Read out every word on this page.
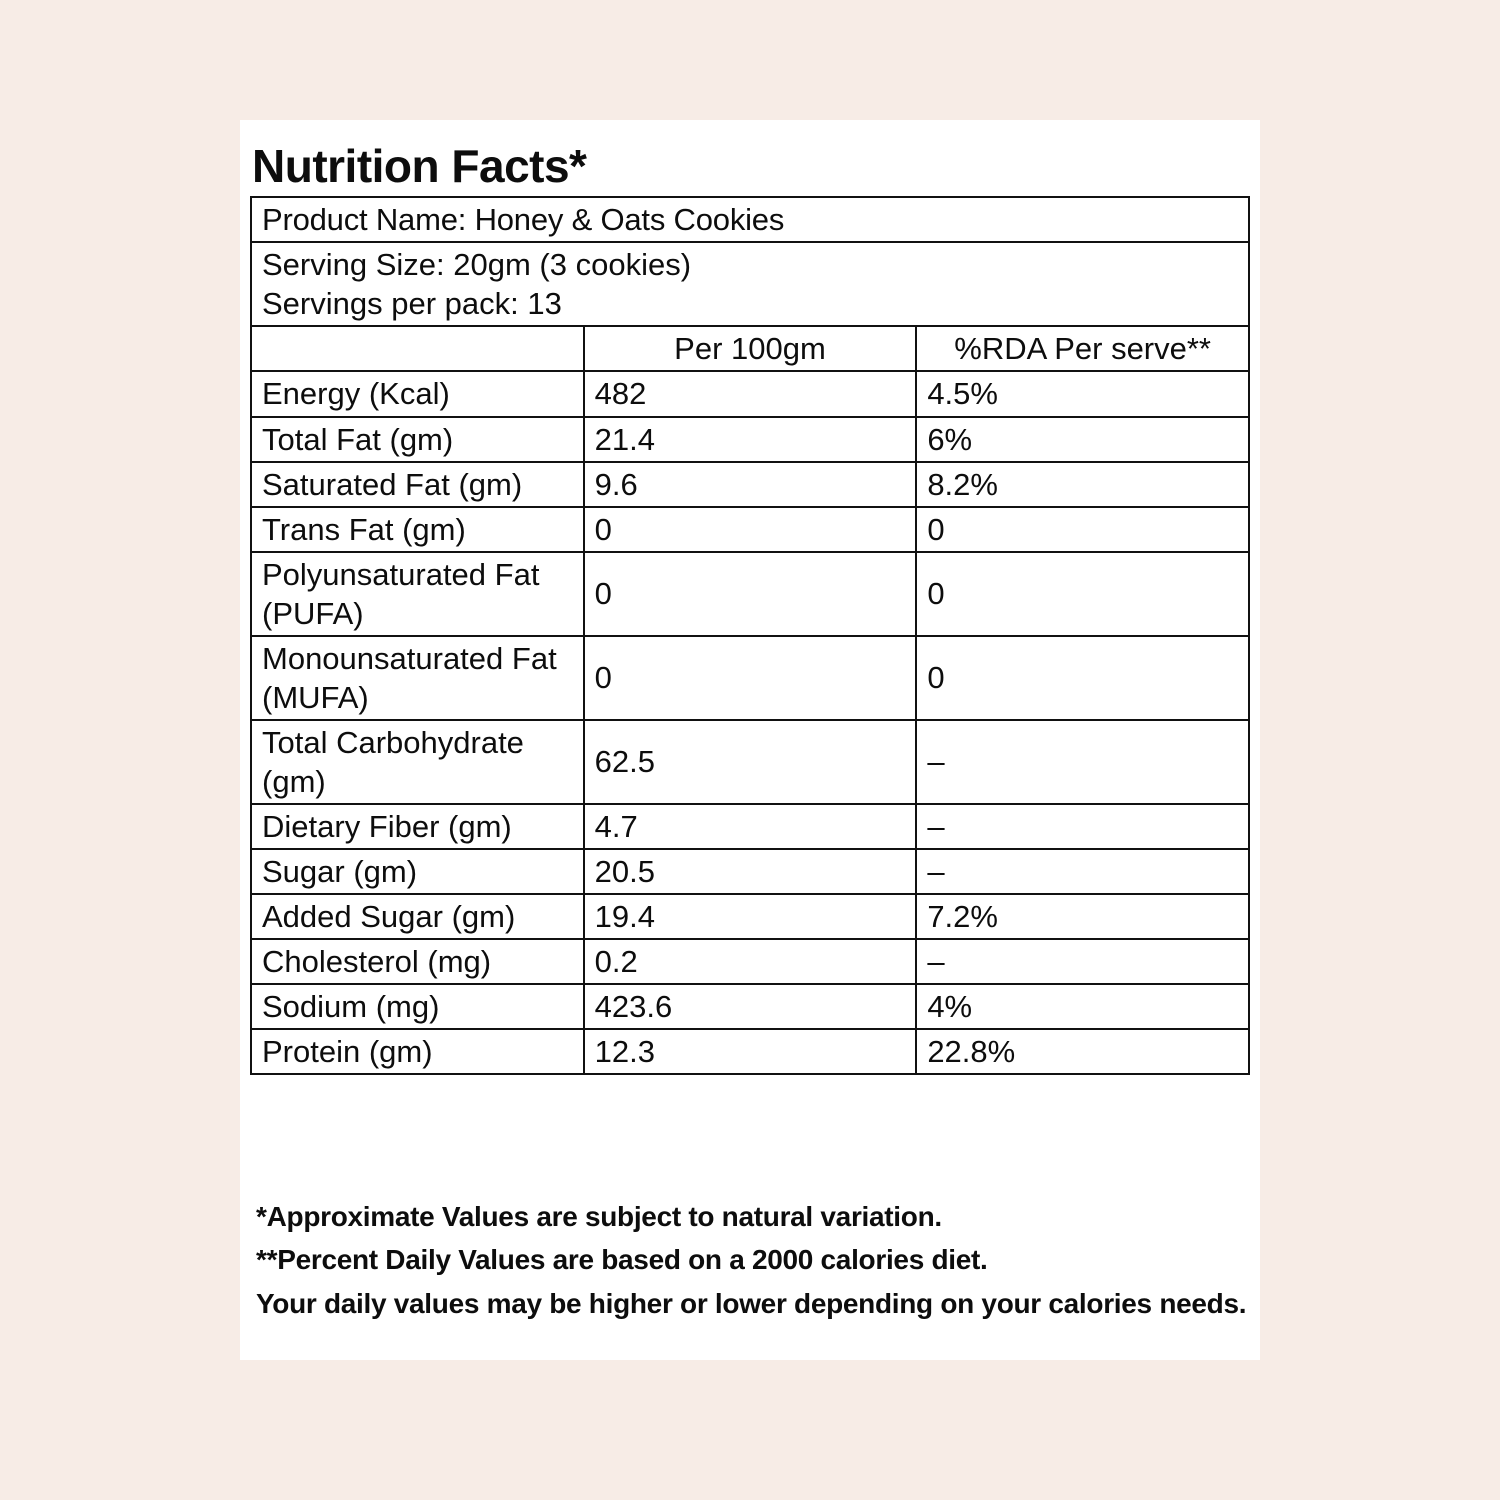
Nutrition Facts*
Product Name: Honey & Oats Cookies		
Serving Size: 20gm (3 cookies)
Servings per pack: 13		

	Per 100gm	%RDA Per serve**
Energy (Kcal)	482	4.5%
Total Fat (gm)	21.4	6%
Saturated Fat (gm)	9.6	8.2%
Trans Fat (gm)	0	0
Polyunsaturated Fat (PUFA)	0	0
Monounsaturated Fat (MUFA)	0	0
Total Carbohydrate (gm)	62.5	–
Dietary Fiber (gm)	4.7	–
Sugar (gm)	20.5	–
Added Sugar (gm)	19.4	7.2%
Cholesterol (mg)	0.2	–
Sodium (mg)	423.6	4%
Protein (gm)	12.3	22.8%
*Approximate Values are subject to natural variation.
**Percent Daily Values are based on a 2000 calories diet.
Your daily values may be higher or lower depending on your calories needs.
